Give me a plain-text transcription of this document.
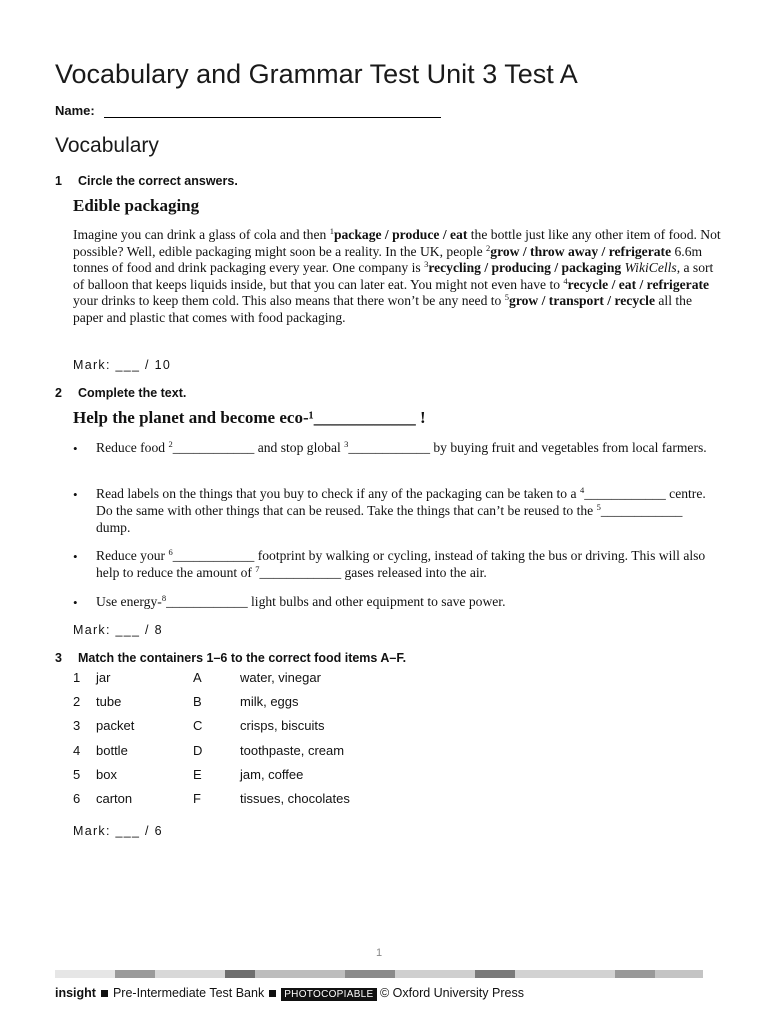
Vocabulary and Grammar Test Unit 3 Test A
Name:
Vocabulary
1 Circle the correct answers.
Edible packaging
Imagine you can drink a glass of cola and then $^1$package / produce / eat the bottle just like any other item of food. Not possible? Well, edible packaging might soon be a reality. In the UK, people $^2$grow / throw away / refrigerate 6.6m tonnes of food and drink packaging every year. One company is $^3$recycling / producing / packaging WikiCells, a sort of balloon that keeps liquids inside, but that you can later eat. You might not even have to $^4$recycle / eat / refrigerate your drinks to keep them cold. This also means that there won’t be any need to $^5$grow / transport / recycle all the paper and plastic that comes with food packaging.
Mark: ___ / 10
2 Complete the text.
Help the planet and become eco-¹____________ !
• Reduce food $^2$____________ and stop global $^3$____________ by buying fruit and vegetables from local farmers.
• Read labels on the things that you buy to check if any of the packaging can be taken to a $^4$____________ centre. Do the same with other things that can be reused. Take the things that can’t be reused to the $^5$____________ dump.
• Reduce your $^6$____________ footprint by walking or cycling, instead of taking the bus or driving. This will also help to reduce the amount of $^7$____________ gases released into the air.
• Use energy-$^8$____________ light bulbs and other equipment to save power.
Mark: ___ / 8
3 Match the containers 1–6 to the correct food items A–F.
1 jar	A	water, vinegar
2 tube	B	milk, eggs
3 packet	C	crisps, biscuits
4 bottle	D	toothpaste, cream
5 box	E	jam, coffee
6 carton	F	tissues, chocolates
Mark: ___ / 6
1
insight Pre-Intermediate Test Bank PHOTOCOPIABLE © Oxford University Press
